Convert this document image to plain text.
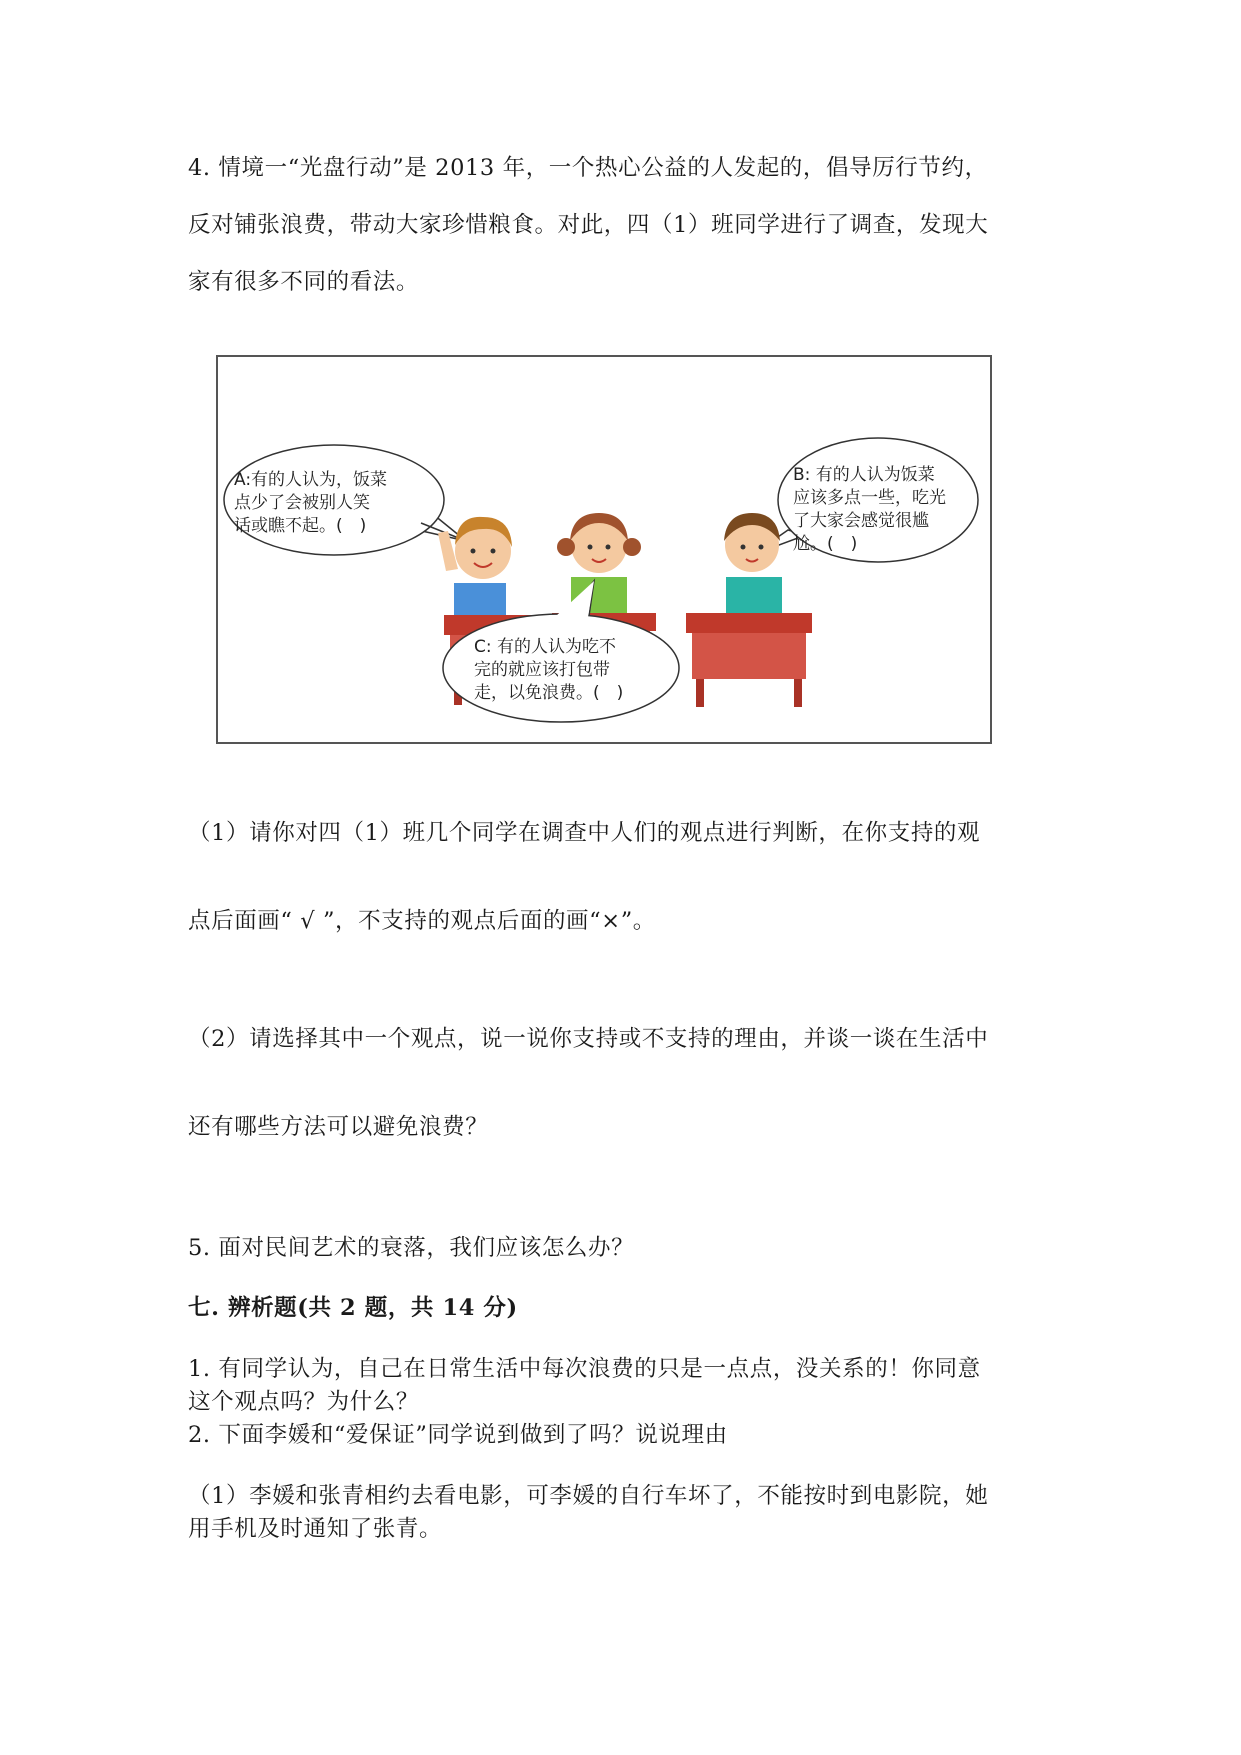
4. 情境一“光盘行动”是 2013 年，一个热心公益的人发起的，倡导厉行节约，
反对铺张浪费，带动大家珍惜粮食。对此，四（1）班同学进行了调查，发现大
家有很多不同的看法。
A:有的人认为，饭菜
点少了会被别人笑
话或瞧不起。(　)
B: 有的人认为饭菜
应该多点一些，吃光
了大家会感觉很尴
尬。(　)
C: 有的人认为吃不
完的就应该打包带
走，以免浪费。(　)
（1）请你对四（1）班几个同学在调查中人们的观点进行判断，在你支持的观
点后面画“ √ ”，不支持的观点后面的画“×”。
（2）请选择其中一个观点，说一说你支持或不支持的理由，并谈一谈在生活中
还有哪些方法可以避免浪费？
5. 面对民间艺术的衰落，我们应该怎么办？
七. 辨析题(共 2 题，共 14 分)
1. 有同学认为，自己在日常生活中每次浪费的只是一点点，没关系的！你同意
这个观点吗？为什么？
2. 下面李媛和“爱保证”同学说到做到了吗？说说理由
（1）李媛和张青相约去看电影，可李媛的自行车坏了，不能按时到电影院，她
用手机及时通知了张青。
